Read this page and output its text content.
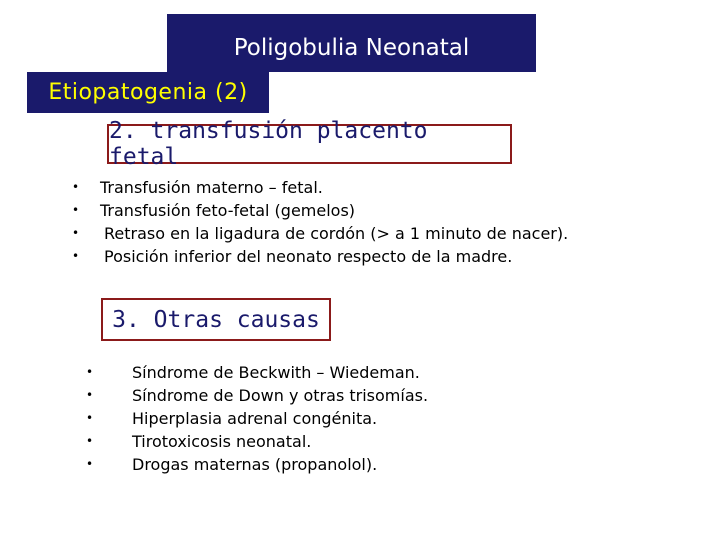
Poligobulia Neonatal
Etiopatogenia (2)
2. transfusión placento fetal
• Transfusión materno – fetal.
• Transfusión feto-fetal (gemelos)
• Retraso en la ligadura de cordón (> a 1 minuto de nacer).
• Posición inferior del neonato respecto de la madre.
3. Otras causas
• Síndrome de Beckwith – Wiedeman.
• Síndrome de Down y otras trisomías.
• Hiperplasia adrenal congénita.
• Tirotoxicosis neonatal.
• Drogas maternas (propanolol).
